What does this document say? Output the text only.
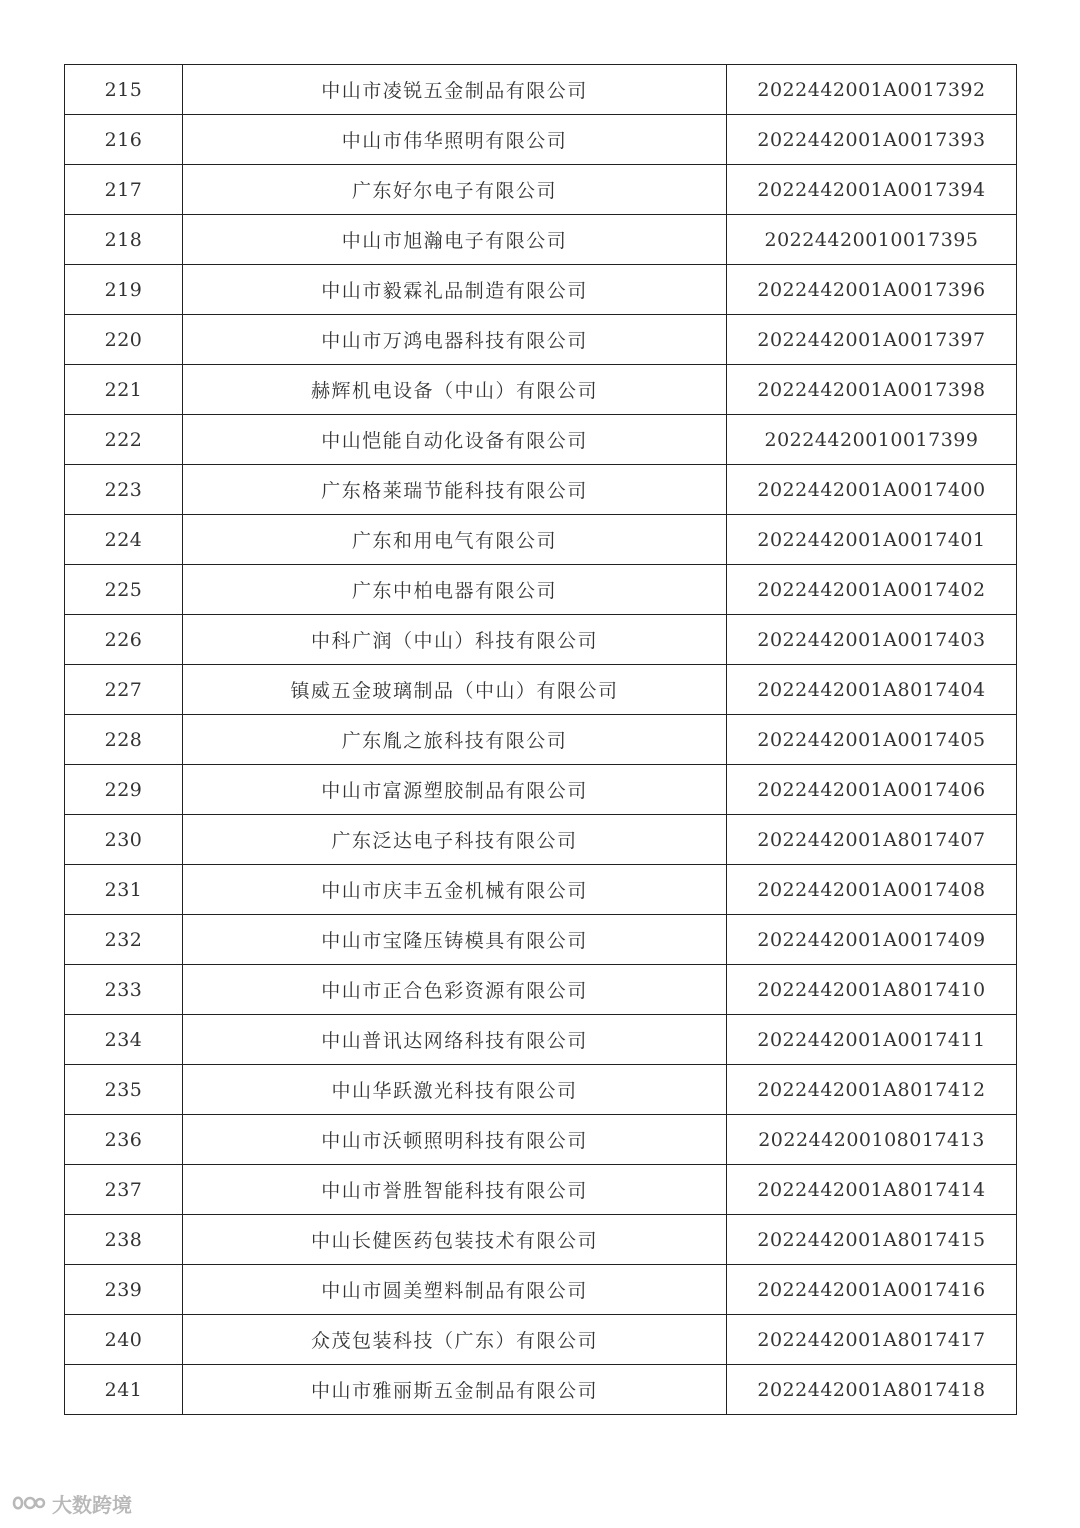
215	中山市凌锐五金制品有限公司	2022442001A0017392
216	中山市伟华照明有限公司	2022442001A0017393
217	广东好尔电子有限公司	2022442001A0017394
218	中山市旭瀚电子有限公司	20224420010017395
219	中山市毅霖礼品制造有限公司	2022442001A0017396
220	中山市万鸿电器科技有限公司	2022442001A0017397
221	赫辉机电设备（中山）有限公司	2022442001A0017398
222	中山恺能自动化设备有限公司	20224420010017399
223	广东格莱瑞节能科技有限公司	2022442001A0017400
224	广东和用电气有限公司	2022442001A0017401
225	广东中柏电器有限公司	2022442001A0017402
226	中科广润（中山）科技有限公司	2022442001A0017403
227	镇威五金玻璃制品（中山）有限公司	2022442001A8017404
228	广东胤之旅科技有限公司	2022442001A0017405
229	中山市富源塑胶制品有限公司	2022442001A0017406
230	广东泛达电子科技有限公司	2022442001A8017407
231	中山市庆丰五金机械有限公司	2022442001A0017408
232	中山市宝隆压铸模具有限公司	2022442001A0017409
233	中山市正合色彩资源有限公司	2022442001A8017410
234	中山普讯达网络科技有限公司	2022442001A0017411
235	中山华跃激光科技有限公司	2022442001A8017412
236	中山市沃顿照明科技有限公司	202244200108017413
237	中山市誉胜智能科技有限公司	2022442001A8017414
238	中山长健医药包装技术有限公司	2022442001A8017415
239	中山市圆美塑料制品有限公司	2022442001A0017416
240	众茂包装科技（广东）有限公司	2022442001A8017417
241	中山市雅丽斯五金制品有限公司	2022442001A8017418
大数跨境
